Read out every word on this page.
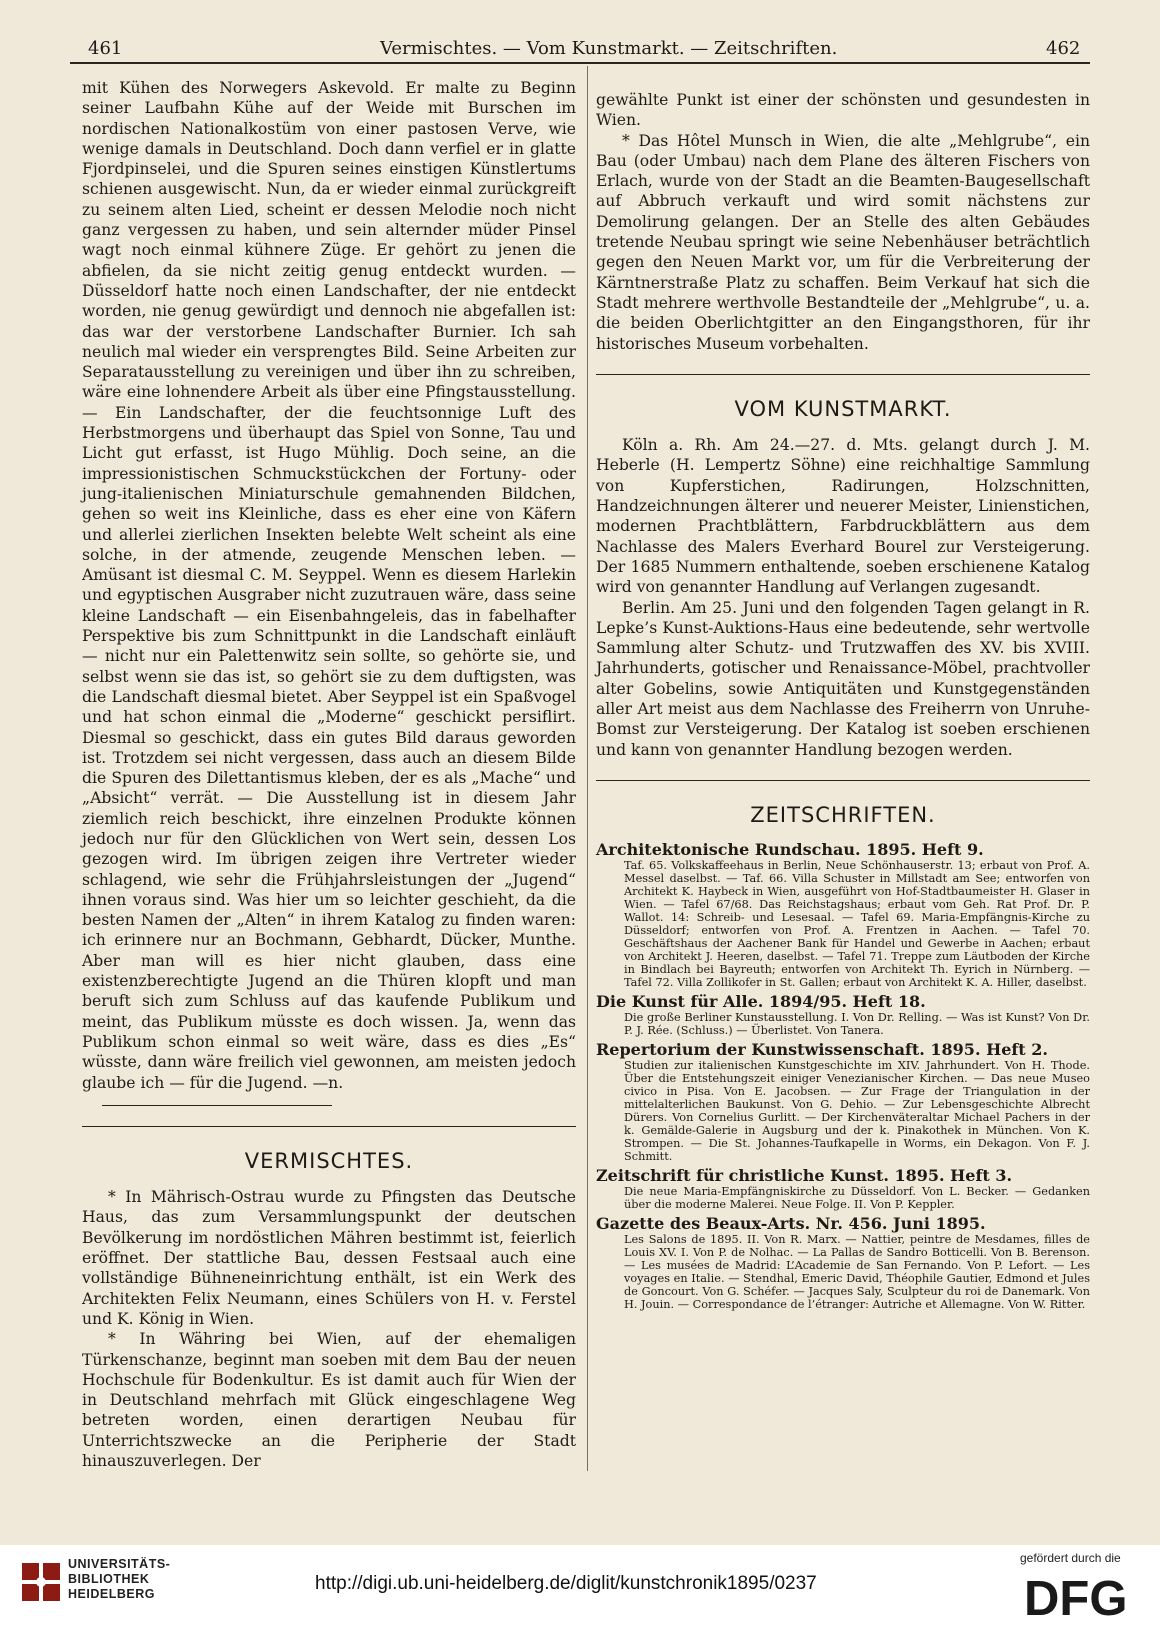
461	Vermischtes. — Vom Kunstmarkt. — Zeitschriften.	462

mit Kühen des Norwegers Askevold. Er malte zu Beginn seiner Laufbahn Kühe auf der Weide mit Burschen im nordischen Nationalkostüm von einer pastosen Verve, wie wenige damals in Deutschland. Doch dann verfiel er in glatte Fjordpinselei, und die Spuren seines einstigen Künstlertums schienen ausgewischt. Nun, da er wieder einmal zurückgreift zu seinem alten Lied, scheint er dessen Melodie noch nicht ganz vergessen zu haben, und sein alternder müder Pinsel wagt noch einmal kühnere Züge. Er gehört zu jenen die abfielen, da sie nicht zeitig genug entdeckt wurden. — Düsseldorf hatte noch einen Landschafter, der nie entdeckt worden, nie genug gewürdigt und dennoch nie abgefallen ist: das war der verstorbene Landschafter Burnier. Ich sah neulich mal wieder ein versprengtes Bild. Seine Arbeiten zur Separatausstellung zu vereinigen und über ihn zu schreiben, wäre eine lohnendere Arbeit als über eine Pfingstausstellung. — Ein Landschafter, der die feuchtsonnige Luft des Herbstmorgens und überhaupt das Spiel von Sonne, Tau und Licht gut erfasst, ist Hugo Mühlig. Doch seine, an die impressionistischen Schmuckstückchen der Fortuny- oder jung-italienischen Miniaturschule gemahnenden Bildchen, gehen so weit ins Kleinliche, dass es eher eine von Käfern und allerlei zierlichen Insekten belebte Welt scheint als eine solche, in der atmende, zeugende Menschen leben. — Amüsant ist diesmal C. M. Seyppel. Wenn es diesem Harlekin und egyptischen Ausgraber nicht zuzutrauen wäre, dass seine kleine Landschaft — ein Eisenbahngeleis, das in fabelhafter Perspektive bis zum Schnittpunkt in die Landschaft einläuft — nicht nur ein Palettenwitz sein sollte, so gehörte sie, und selbst wenn sie das ist, so gehört sie zu dem duftigsten, was die Landschaft diesmal bietet. Aber Seyppel ist ein Spaßvogel und hat schon einmal die „Moderne“ geschickt persiflirt. Diesmal so geschickt, dass ein gutes Bild daraus geworden ist. Trotzdem sei nicht vergessen, dass auch an diesem Bilde die Spuren des Dilettantismus kleben, der es als „Mache“ und „Absicht“ verrät. — Die Ausstellung ist in diesem Jahr ziemlich reich beschickt, ihre einzelnen Produkte können jedoch nur für den Glücklichen von Wert sein, dessen Los gezogen wird. Im übrigen zeigen ihre Vertreter wieder schlagend, wie sehr die Frühjahrsleistungen der „Jugend“ ihnen voraus sind. Was hier um so leichter geschieht, da die besten Namen der „Alten“ in ihrem Katalog zu finden waren: ich erinnere nur an Bochmann, Gebhardt, Dücker, Munthe. Aber man will es hier nicht glauben, dass eine existenzberechtigte Jugend an die Thüren klopft und man beruft sich zum Schluss auf das kaufende Publikum und meint, das Publikum müsste es doch wissen. Ja, wenn das Publikum schon einmal so weit wäre, dass es dies „Es“ wüsste, dann wäre freilich viel gewonnen, am meisten jedoch glaube ich — für die Jugend. —n.

VERMISCHTES.

* In Mährisch-Ostrau wurde zu Pfingsten das Deutsche Haus, das zum Versammlungspunkt der deutschen Bevölkerung im nordöstlichen Mähren bestimmt ist, feierlich eröffnet. Der stattliche Bau, dessen Festsaal auch eine vollständige Bühneneinrichtung enthält, ist ein Werk des Architekten Felix Neumann, eines Schülers von H. v. Ferstel und K. König in Wien.

* In Währing bei Wien, auf der ehemaligen Türkenschanze, beginnt man soeben mit dem Bau der neuen Hochschule für Bodenkultur. Es ist damit auch für Wien der in Deutschland mehrfach mit Glück eingeschlagene Weg betreten worden, einen derartigen Neubau für Unterrichtszwecke an die Peripherie der Stadt hinauszuverlegen. Der

gewählte Punkt ist einer der schönsten und gesundesten in Wien.

* Das Hôtel Munsch in Wien, die alte „Mehlgrube“, ein Bau (oder Umbau) nach dem Plane des älteren Fischers von Erlach, wurde von der Stadt an die Beamten-Baugesellschaft auf Abbruch verkauft und wird somit nächstens zur Demolirung gelangen. Der an Stelle des alten Gebäudes tretende Neubau springt wie seine Nebenhäuser beträchtlich gegen den Neuen Markt vor, um für die Verbreiterung der Kärntnerstraße Platz zu schaffen. Beim Verkauf hat sich die Stadt mehrere werthvolle Bestandteile der „Mehlgrube“, u. a. die beiden Oberlichtgitter an den Eingangsthoren, für ihr historisches Museum vorbehalten.

VOM KUNSTMARKT.

Köln a. Rh. Am 24.—27. d. Mts. gelangt durch J. M. Heberle (H. Lempertz Söhne) eine reichhaltige Sammlung von Kupferstichen, Radirungen, Holzschnitten, Handzeichnungen älterer und neuerer Meister, Linienstichen, modernen Prachtblättern, Farbdruckblättern aus dem Nachlasse des Malers Everhard Bourel zur Versteigerung. Der 1685 Nummern enthaltende, soeben erschienene Katalog wird von genannter Handlung auf Verlangen zugesandt.

Berlin. Am 25. Juni und den folgenden Tagen gelangt in R. Lepke’s Kunst-Auktions-Haus eine bedeutende, sehr wertvolle Sammlung alter Schutz- und Trutzwaffen des XV. bis XVIII. Jahrhunderts, gotischer und Renaissance-Möbel, prachtvoller alter Gobelins, sowie Antiquitäten und Kunstgegenständen aller Art meist aus dem Nachlasse des Freiherrn von Unruhe-Bomst zur Versteigerung. Der Katalog ist soeben erschienen und kann von genannter Handlung bezogen werden.

ZEITSCHRIFTEN.
Architektonische Rundschau. 1895. Heft 9.
Taf. 65. Volkskaffeehaus in Berlin, Neue Schönhauserstr. 13; erbaut von Prof. A. Messel daselbst. — Taf. 66. Villa Schuster in Millstadt am See; entworfen von Architekt K. Haybeck in Wien, ausgeführt von Hof-Stadtbaumeister H. Glaser in Wien. — Tafel 67/68. Das Reichstagshaus; erbaut vom Geh. Rat Prof. Dr. P. Wallot. 14: Schreib- und Lesesaal. — Tafel 69. Maria-Empfängnis-Kirche zu Düsseldorf; entworfen von Prof. A. Frentzen in Aachen. — Tafel 70. Geschäftshaus der Aachener Bank für Handel und Gewerbe in Aachen; erbaut von Architekt J. Heeren, daselbst. — Tafel 71. Treppe zum Läutboden der Kirche in Bindlach bei Bayreuth; entworfen von Architekt Th. Eyrich in Nürnberg. — Tafel 72. Villa Zollikofer in St. Gallen; erbaut von Architekt K. A. Hiller, daselbst.
Die Kunst für Alle. 1894/95. Heft 18.
Die große Berliner Kunstausstellung. I. Von Dr. Relling. — Was ist Kunst? Von Dr. P. J. Rée. (Schluss.) — Überlistet. Von Tanera.
Repertorium der Kunstwissenschaft. 1895. Heft 2.
Studien zur italienischen Kunstgeschichte im XIV. Jahrhundert. Von H. Thode. Über die Entstehungszeit einiger Venezianischer Kirchen. — Das neue Museo civico in Pisa. Von E. Jacobsen. — Zur Frage der Triangulation in der mittelalterlichen Baukunst. Von G. Dehio. — Zur Lebensgeschichte Albrecht Dürers. Von Cornelius Gurlitt. — Der Kirchenväteraltar Michael Pachers in der k. Gemälde-Galerie in Augsburg und der k. Pinakothek in München. Von K. Strompen. — Die St. Johannes-Taufkapelle in Worms, ein Dekagon. Von F. J. Schmitt.
Zeitschrift für christliche Kunst. 1895. Heft 3.
Die neue Maria-Empfängniskirche zu Düsseldorf. Von L. Becker. — Gedanken über die moderne Malerei. Neue Folge. II. Von P. Keppler.
Gazette des Beaux-Arts. Nr. 456. Juni 1895.
Les Salons de 1895. II. Von R. Marx. — Nattier, peintre de Mesdames, filles de Louis XV. I. Von P. de Nolhac. — La Pallas de Sandro Botticelli. Von B. Berenson. — Les musées de Madrid: L’Academie de San Fernando. Von P. Lefort. — Les voyages en Italie. — Stendhal, Emeric David, Théophile Gautier, Edmond et Jules de Goncourt. Von G. Schéfer. — Jacques Saly, Sculpteur du roi de Danemark. Von H. Jouin. — Correspondance de l’étranger: Autriche et Allemagne. Von W. Ritter.
UNIVERSITÄTS-
BIBLIOTHEK
HEIDELBERG	http://digi.ub.uni-heidelberg.de/diglit/kunstchronik1895/0237
gefördert durch die
DFG
